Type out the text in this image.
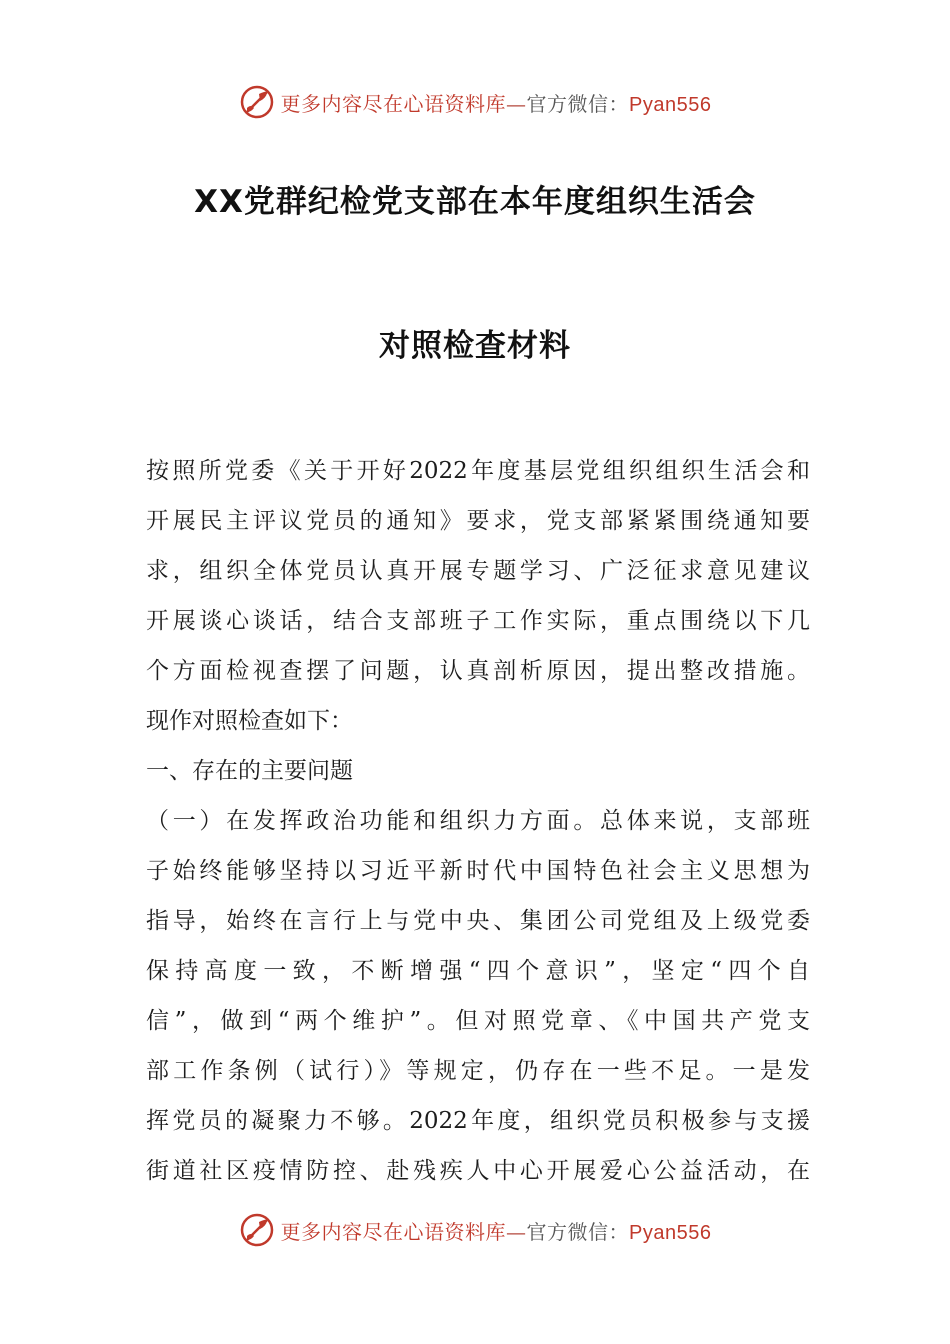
更多内容尽在心语资料库—官方微信：Pyan556
XX党群纪检党支部在本年度组织生活会
对照检查材料
按照所党委《关于开好2022年度基层党组织组织生活会和
开展民主评议党员的通知》要求，党支部紧紧围绕通知要
求，组织全体党员认真开展专题学习、广泛征求意见建议
开展谈心谈话，结合支部班子工作实际，重点围绕以下几
个方面检视查摆了问题，认真剖析原因，提出整改措施。
现作对照检查如下：
一、存在的主要问题
（一）在发挥政治功能和组织力方面。总体来说，支部班
子始终能够坚持以习近平新时代中国特色社会主义思想为
指导，始终在言行上与党中央、集团公司党组及上级党委
保持高度一致，不断增强“四个意识”，坚定“四个自
信”，做到“两个维护”。但对照党章、《中国共产党支
部工作条例（试行）》等规定，仍存在一些不足。一是发
挥党员的凝聚力不够。2022年度，组织党员积极参与支援
街道社区疫情防控、赴残疾人中心开展爱心公益活动，在
更多内容尽在心语资料库—官方微信：Pyan556
